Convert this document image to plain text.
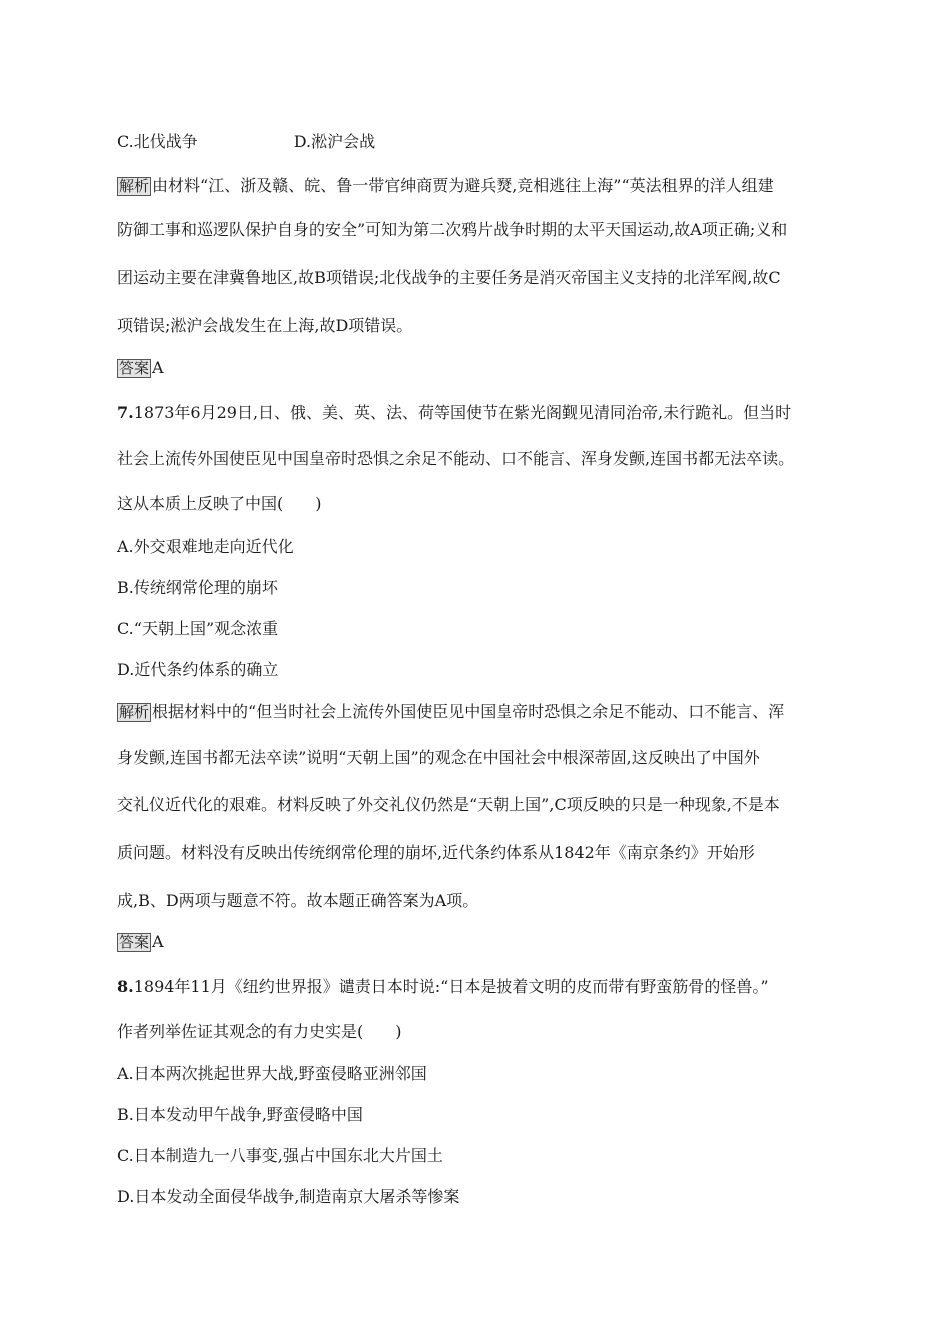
C.北伐战争	D.淞沪会战
解析 由材料“江、浙及赣、皖、鲁一带官绅商贾为避兵燹,竞相逃往上海”“英法租界的洋人组建
防御工事和巡逻队保护自身的安全”可知为第二次鸦片战争时期的太平天国运动,故A项正确;义和
团运动主要在津冀鲁地区,故B项错误;北伐战争的主要任务是消灭帝国主义支持的北洋军阀,故C
项错误;淞沪会战发生在上海,故D项错误。
答案 A
7.1873年6月29日,日、俄、美、英、法、荷等国使节在紫光阁觐见清同治帝,未行跪礼。但当时
社会上流传外国使臣见中国皇帝时恐惧之余足不能动、口不能言、浑身发颤,连国书都无法卒读。
这从本质上反映了中国(　　)
A.外交艰难地走向近代化
B.传统纲常伦理的崩坏
C.“天朝上国”观念浓重
D.近代条约体系的确立
解析 根据材料中的“但当时社会上流传外国使臣见中国皇帝时恐惧之余足不能动、口不能言、浑
身发颤,连国书都无法卒读”说明“天朝上国”的观念在中国社会中根深蒂固,这反映出了中国外
交礼仪近代化的艰难。材料反映了外交礼仪仍然是“天朝上国”,C项反映的只是一种现象,不是本
质问题。材料没有反映出传统纲常伦理的崩坏,近代条约体系从1842年《南京条约》开始形
成,B、D两项与题意不符。故本题正确答案为A项。
答案 A
8.1894年11月《纽约世界报》谴责日本时说:“日本是披着文明的皮而带有野蛮筋骨的怪兽。”
作者列举佐证其观念的有力史实是(　　)
A.日本两次挑起世界大战,野蛮侵略亚洲邻国
B.日本发动甲午战争,野蛮侵略中国
C.日本制造九一八事变,强占中国东北大片国土
D.日本发动全面侵华战争,制造南京大屠杀等惨案
